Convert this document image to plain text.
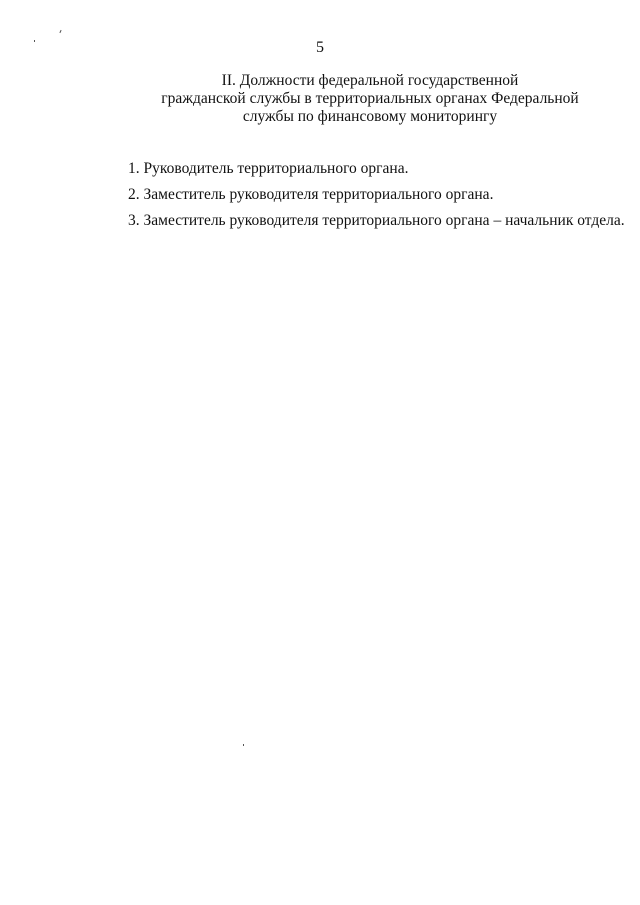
5
II. Должности федеральной государственной
гражданской службы в территориальных органах Федеральной
службы по финансовому мониторингу
1. Руководитель территориального органа.
2. Заместитель руководителя территориального органа.
3. Заместитель руководителя территориального органа – начальник отдела.
